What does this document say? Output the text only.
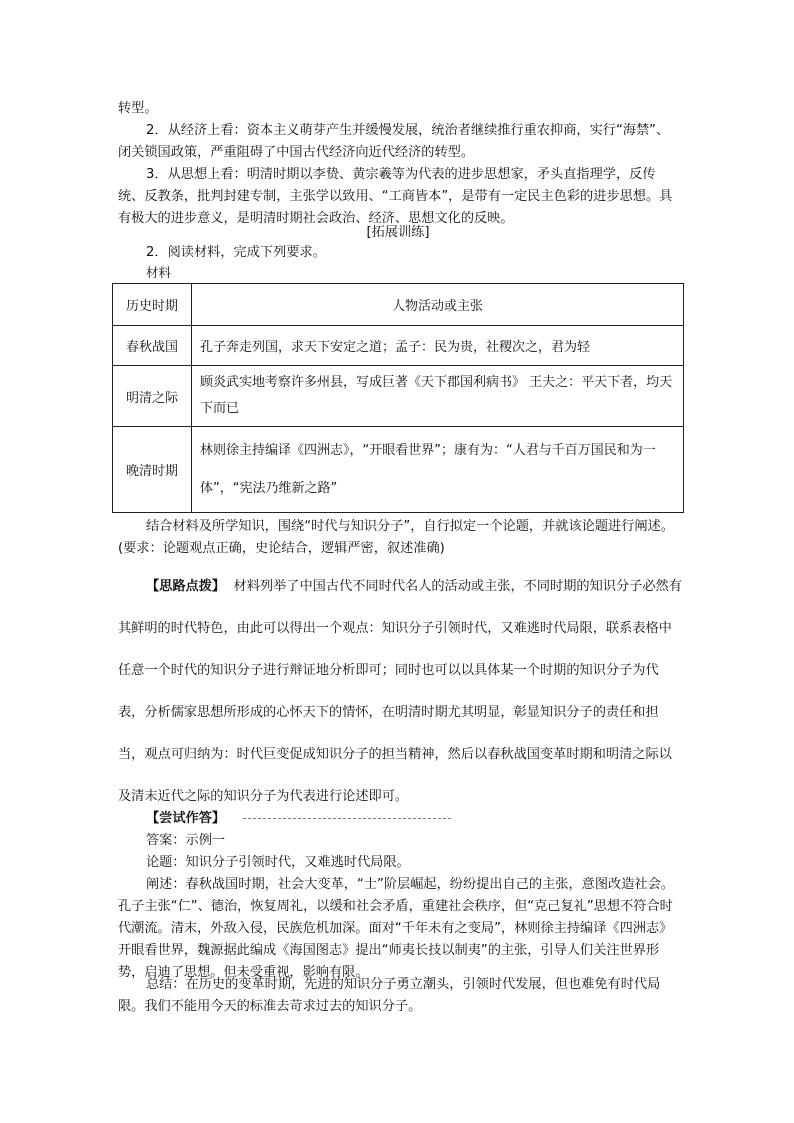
转型。

2．从经济上看：资本主义萌芽产生并缓慢发展，统治者继续推行重农抑商，实行“海禁”、闭关锁国政策，严重阻碍了中国古代经济向近代经济的转型。

3．从思想上看：明清时期以李贽、黄宗羲等为代表的进步思想家，矛头直指理学，反传统、反教条，批判封建专制，主张学以致用、“工商皆本”，是带有一定民主色彩的进步思想。具有极大的进步意义，是明清时期社会政治、经济、思想文化的反映。

[拓展训练]

2．阅读材料，完成下列要求。

材料

历史时期	人物活动或主张
春秋战国	孔子奔走列国，求天下安定之道；孟子：民为贵，社稷次之，君为轻
明清之际	顾炎武实地考察许多州县，写成巨著《天下郡国利病书》 王夫之：平天下者，均天下而已
晚清时期	林则徐主持编译《四洲志》，“开眼看世界”；康有为：“人君与千百万国民和为一体”，“宪法乃维新之路”

结合材料及所学知识，围绕“时代与知识分子”，自行拟定一个论题，并就该论题进行阐述。(要求：论题观点正确，史论结合，逻辑严密，叙述准确)

【思路点拨】 材料列举了中国古代不同时代名人的活动或主张，不同时期的知识分子必然有其鲜明的时代特色，由此可以得出一个观点：知识分子引领时代，又难逃时代局限，联系表格中任意一个时代的知识分子进行辩证地分析即可；同时也可以以具体某一个时期的知识分子为代表，分析儒家思想所形成的心怀天下的情怀，在明清时期尤其明显，彰显知识分子的责任和担当，观点可归纳为：时代巨变促成知识分子的担当精神，然后以春秋战国变革时期和明清之际以及清末近代之际的知识分子为代表进行论述即可。

【尝试作答】

答案：示例一

论题：知识分子引领时代，又难逃时代局限。

阐述：春秋战国时期，社会大变革，“士”阶层崛起，纷纷提出自己的主张，意图改造社会。孔子主张“仁”、德治，恢复周礼，以缓和社会矛盾，重建社会秩序，但“克己复礼”思想不符合时代潮流。清末，外敌入侵，民族危机加深。面对“千年未有之变局”，林则徐主持编译《四洲志》开眼看世界，魏源据此编成《海国图志》提出“师夷长技以制夷”的主张，引导人们关注世界形势，启迪了思想。但未受重视，影响有限。

总结：在历史的变革时期，先进的知识分子勇立潮头，引领时代发展，但也难免有时代局限。我们不能用今天的标准去苛求过去的知识分子。
